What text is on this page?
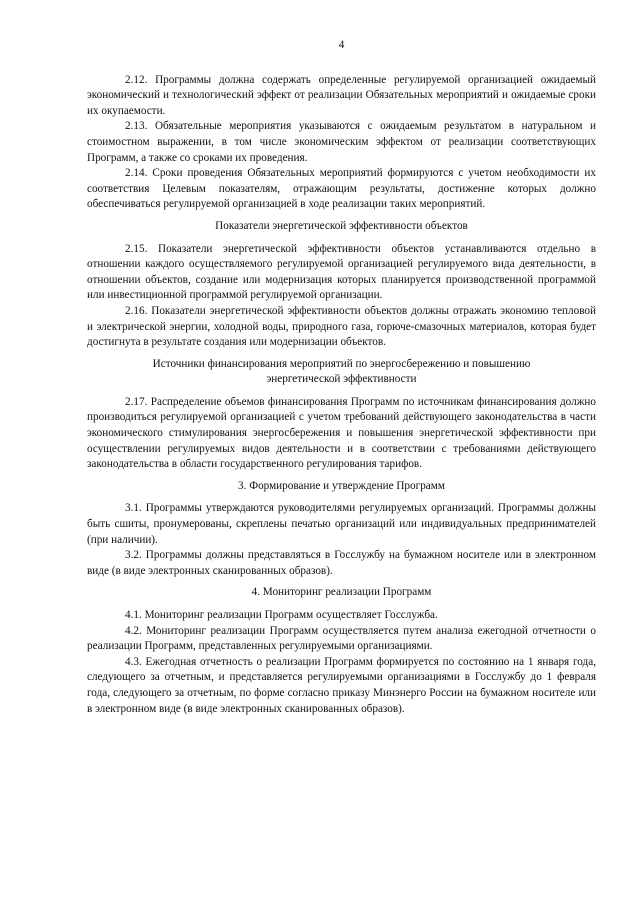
4

2.12. Программы должна содержать определенные регулируемой организацией ожидаемый экономический и технологический эффект от реализации Обязательных мероприятий и ожидаемые сроки их окупаемости.

2.13. Обязательные мероприятия указываются с ожидаемым результатом в натуральном и стоимостном выражении, в том числе экономическим эффектом от реализации соответствующих Программ, а также со сроками их проведения.

2.14. Сроки проведения Обязательных мероприятий формируются с учетом необходимости их соответствия Целевым показателям, отражающим результаты, достижение которых должно обеспечиваться регулируемой организацией в ходе реализации таких мероприятий.

Показатели энергетической эффективности объектов

2.15. Показатели энергетической эффективности объектов устанавливаются отдельно в отношении каждого осуществляемого регулируемой организацией регулируемого вида деятельности, в отношении объектов, создание или модернизация которых планируется производственной программой или инвестиционной программой регулируемой организации.

2.16. Показатели энергетической эффективности объектов должны отражать экономию тепловой и электрической энергии, холодной воды, природного газа, горюче-смазочных материалов, которая будет достигнута в результате создания или модернизации объектов.

Источники финансирования мероприятий по энергосбережению и повышению
энергетической эффективности

2.17. Распределение объемов финансирования Программ по источникам финансирования должно производиться регулируемой организацией с учетом требований действующего законодательства в части экономического стимулирования энергосбережения и повышения энергетической эффективности при осуществлении регулируемых видов деятельности и в соответствии с требованиями действующего законодательства в области государственного регулирования тарифов.

3. Формирование и утверждение Программ

3.1. Программы утверждаются руководителями регулируемых организаций. Программы должны быть сшиты, пронумерованы, скреплены печатью организаций или индивидуальных предпринимателей (при наличии).

3.2. Программы должны представляться в Госслужбу на бумажном носителе или в электронном виде (в виде электронных сканированных образов).

4. Мониторинг реализации Программ

4.1. Мониторинг реализации Программ осуществляет Госслужба.

4.2. Мониторинг реализации Программ осуществляется путем анализа ежегодной отчетности о реализации Программ, представленных регулируемыми организациями.

4.3. Ежегодная отчетность о реализации Программ формируется по состоянию на 1 января года, следующего за отчетным, и представляется регулируемыми организациями в Госслужбу до 1 февраля года, следующего за отчетным, по форме согласно приказу Минэнерго России на бумажном носителе или в электронном виде (в виде электронных сканированных образов).
